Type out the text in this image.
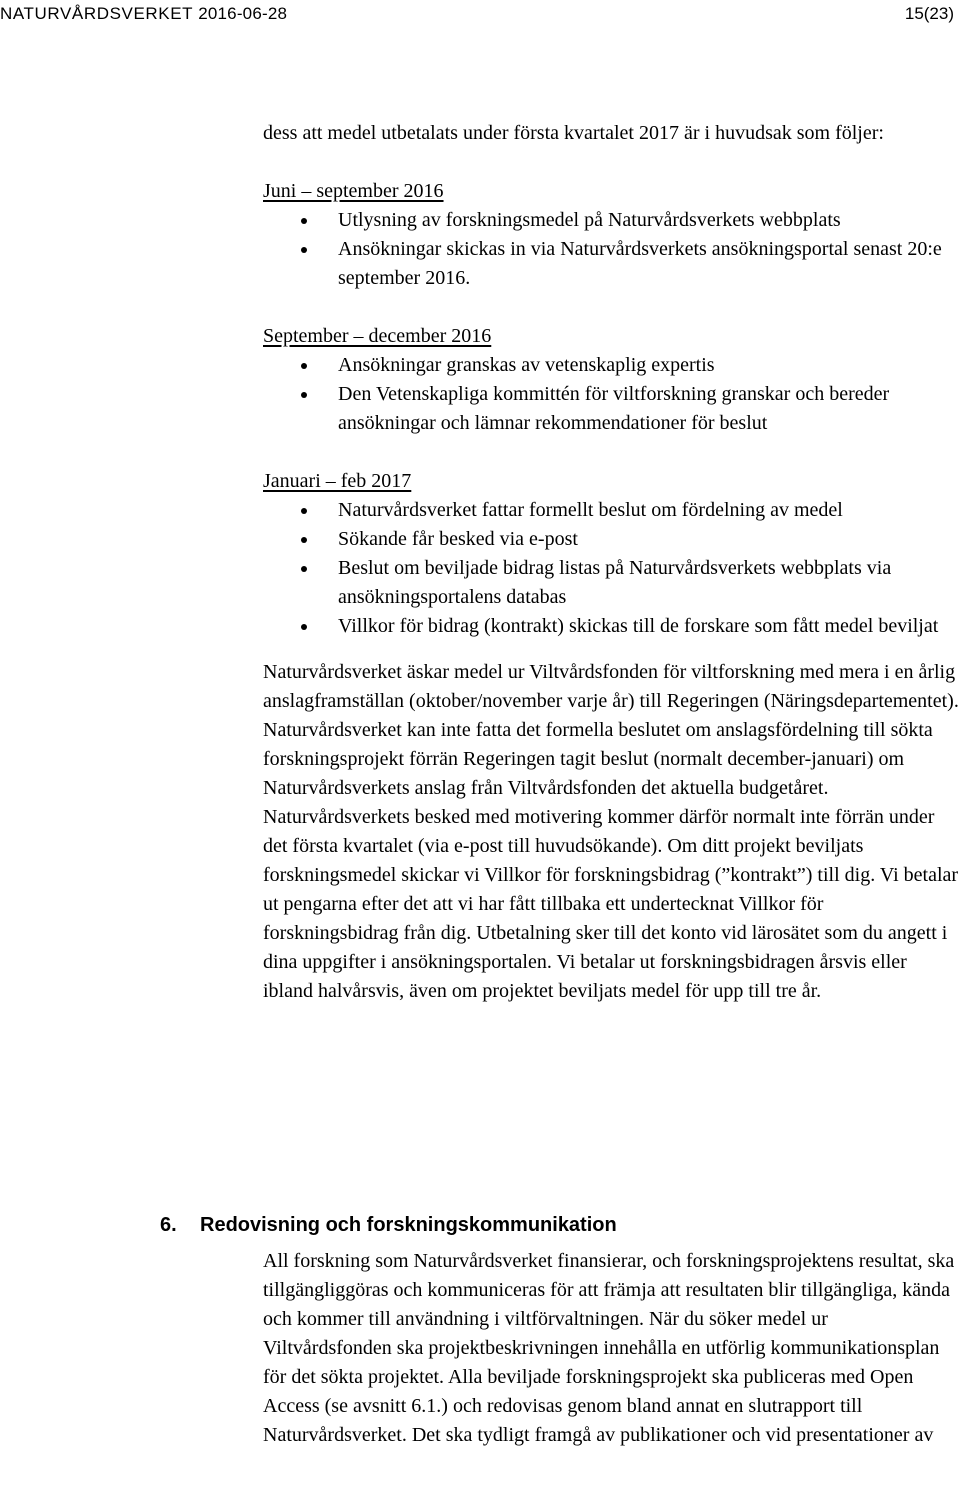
NATURVÅRDSVERKET 2016-06-28	15(23)

dess att medel utbetalats under första kvartalet 2017 är i huvudsak som följer:

Juni – september 2016

Utlysning av forskningsmedel på Naturvårdsverkets webbplats
Ansökningar skickas in via Naturvårdsverkets ansökningsportal senast 20:e september 2016.

September – december 2016

Ansökningar granskas av vetenskaplig expertis
Den Vetenskapliga kommittén för viltforskning granskar och bereder ansökningar och lämnar rekommendationer för beslut

Januari – feb 2017

Naturvårdsverket fattar formellt beslut om fördelning av medel
Sökande får besked via e-post
Beslut om beviljade bidrag listas på Naturvårdsverkets webbplats via ansökningsportalens databas
Villkor för bidrag (kontrakt) skickas till de forskare som fått medel beviljat

Naturvårdsverket äskar medel ur Viltvårdsfonden för viltforskning med mera i en årlig anslagframställan (oktober/november varje år) till Regeringen (Näringsdepartementet). Naturvårdsverket kan inte fatta det formella beslutet om anslagsfördelning till sökta forskningsprojekt förrän Regeringen tagit beslut (normalt december-januari) om Naturvårdsverkets anslag från Viltvårdsfonden det aktuella budgetåret. Naturvårdsverkets besked med motivering kommer därför normalt inte förrän under det första kvartalet (via e-post till huvudsökande). Om ditt projekt beviljats forskningsmedel skickar vi Villkor för forskningsbidrag (”kontrakt”) till dig. Vi betalar ut pengarna efter det att vi har fått tillbaka ett undertecknat Villkor för forskningsbidrag från dig. Utbetalning sker till det konto vid lärosätet som du angett i dina uppgifter i ansökningsportalen. Vi betalar ut forskningsbidragen årsvis eller ibland halvårsvis, även om projektet beviljats medel för upp till tre år.

6.	Redovisning och forskningskommunikation

All forskning som Naturvårdsverket finansierar, och forskningsprojektens resultat, ska tillgängliggöras och kommuniceras för att främja att resultaten blir tillgängliga, kända och kommer till användning i viltförvaltningen. När du söker medel ur Viltvårdsfonden ska projektbeskrivningen innehålla en utförlig kommunikationsplan för det sökta projektet. Alla beviljade forskningsprojekt ska publiceras med Open Access (se avsnitt 6.1.) och redovisas genom bland annat en slutrapport till Naturvårdsverket. Det ska tydligt framgå av publikationer och vid presentationer av
